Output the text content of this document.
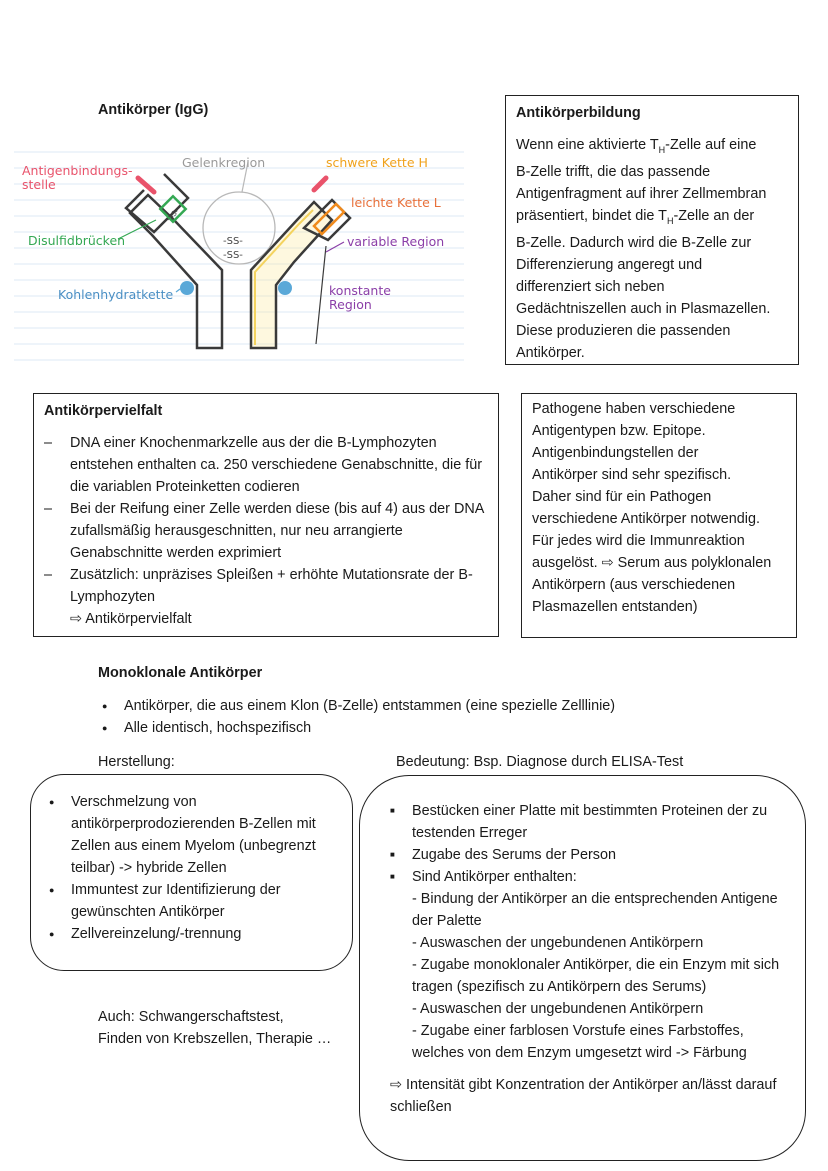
Antikörper (IgG)
-SS-
-SS-
-SS-
Antigenbindungs-
stelle
Gelenkregion	schwere Kette H
leichte Kette L
Disulfidbrücken	variable Region
Kohlenhydratkette	konstante
Region
Antikörperbildung
Wenn eine aktivierte $T_H$-Zelle auf eine
B-Zelle trifft, die das passende
Antigenfragment auf ihrer Zellmembran
präsentiert, bindet die $T_H$-Zelle an der
B-Zelle. Dadurch wird die B-Zelle zur
Differenzierung angeregt und
differenziert sich neben
Gedächtniszellen auch in Plasmazellen.
Diese produzieren die passenden
Antikörper.
Antikörpervielfalt
– DNA einer Knochenmarkzelle aus der die B-Lymphozyten entstehen enthalten ca. 250 verschiedene Genabschnitte, die für die variablen Proteinketten codieren
– Bei der Reifung einer Zelle werden diese (bis auf 4) aus der DNA zufallsmäßig herausgeschnitten, nur neu arrangierte Genabschnitte werden exprimiert
– Zusätzlich: unpräzises Spleißen + erhöhte Mutationsrate der B-Lymphozyten
⇨ Antikörpervielfalt
Pathogene haben verschiedene
Antigentypen bzw. Epitope.
Antigenbindungstellen der
Antikörper sind sehr spezifisch.
Daher sind für ein Pathogen
verschiedene Antikörper notwendig.
Für jedes wird die Immunreaktion
ausgelöst. ⇨ Serum aus polyklonalen
Antikörpern (aus verschiedenen
Plasmazellen entstanden)
Monoklonale Antikörper
● Antikörper, die aus einem Klon (B-Zelle) entstammen (eine spezielle Zelllinie)
● Alle identisch, hochspezifisch
Herstellung:	Bedeutung: Bsp. Diagnose durch ELISA-Test
● Verschmelzung von antikörperprodozierenden B-Zellen mit Zellen aus einem Myelom (unbegrenzt teilbar) -> hybride Zellen
● Immuntest zur Identifizierung der gewünschten Antikörper
● Zellvereinzelung/-trennung
Auch: Schwangerschaftstest,
Finden von Krebszellen, Therapie …
■ Bestücken einer Platte mit bestimmten Proteinen der zu testenden Erreger
■ Zugabe des Serums der Person
■ Sind Antikörper enthalten:
- Bindung der Antikörper an die entsprechenden Antigene der Palette
- Auswaschen der ungebundenen Antikörpern
- Zugabe monoklonaler Antikörper, die ein Enzym mit sich tragen (spezifisch zu Antikörpern des Serums)
- Auswaschen der ungebundenen Antikörpern
- Zugabe einer farblosen Vorstufe eines Farbstoffes, welches von dem Enzym umgesetzt wird -> Färbung
⇨ Intensität gibt Konzentration der Antikörper an/lässt darauf schließen
